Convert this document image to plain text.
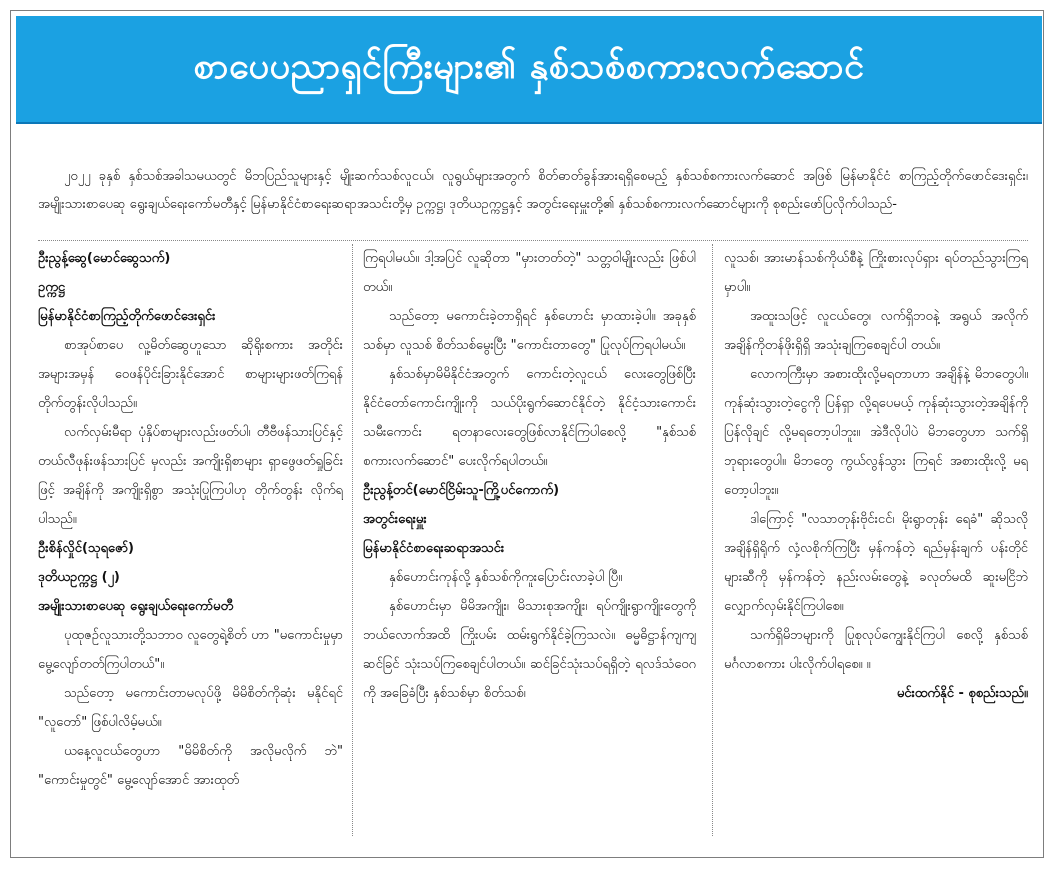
စာပေပညာရှင်ကြီးများ၏ နှစ်သစ်စကားလက်ဆောင်

၂၀၂၂ ခုနှစ် နှစ်သစ်အခါသမယတွင် မိဘပြည်သူများနှင့် မျိုးဆက်သစ်လူငယ်၊ လူရွယ်များအတွက် စိတ်ဓာတ်ခွန်အားရရှိစေမည့် နှစ်သစ်စကားလက်ဆောင် အဖြစ် မြန်မာနိုင်ငံ စာကြည့်တိုက်ဖောင်ဒေးရှင်း၊ အမျိုးသားစာပေဆု ရွေးချယ်ရေးကော်မတီနှင့် မြန်မာနိုင်ငံစာရေးဆရာအသင်းတို့မှ ဥက္ကဋ္ဌ၊ ဒုတိယဥက္ကဋ္ဌနှင့် အတွင်းရေးမှူးတို့၏ နှစ်သစ်စကားလက်ဆောင်များကို စုစည်းဖော်ပြလိုက်ပါသည်-

ဦးညွန့်ဆွေ(မောင်ဆွေသက်)
ဥက္ကဋ္ဌ
မြန်မာနိုင်ငံစာကြည့်တိုက်ဖောင်ဒေးရှင်း

စာအုပ်စာပေ လူ့မိတ်ဆွေဟူသော ဆိုရိုးစကား အတိုင်း အများအမှန် ဝေဖန်ပိုင်းခြားနိုင်အောင် စာများများဖတ်ကြရန် တိုက်တွန်းလိုပါသည်။

လက်လှမ်းမီရာ ပုံနှိပ်စာများလည်းဖတ်ပါ၊ တီဗီဖန်သားပြင်နှင့် တယ်လီဖုန်းဖန်သားပြင် မှလည်း အကျိုးရှိစာများ ရှာဖွေဖတ်ရှုခြင်းဖြင့် အချိန်ကို အကျိုးရှိစွာ အသုံးပြုကြပါဟု တိုက်တွန်း လိုက်ရပါသည်။

ဦးစိန်လှိုင်(သုရဇော်)
ဒုတိယဥက္ကဋ္ဌ (၂)
အမျိုးသားစာပေဆု ရွေးချယ်ရေးကော်မတီ

ပုထုဇဉ်လူသားတို့သဘာဝ လူတွေရဲ့စိတ် ဟာ "မကောင်းမှုမှာ မွေ့လျော်တတ်ကြပါတယ်"။

သည်တော့ မကောင်းတာမလုပ်ဖို့ မိမိစိတ်ကိုဆုံး မနိုင်ရင် "လူတော်" ဖြစ်ပါလိမ့်မယ်။

ယနေ့လူငယ်တွေဟာ "မိမိစိတ်ကို အလိုမလိုက် ဘဲ" "ကောင်းမှုတွင်" မွေ့လျော်အောင် အားထုတ်

ကြရပါမယ်။ ဒါ့အပြင် လူဆိုတာ "မှားတတ်တဲ့" သတ္တဝါမျိုးလည်း ဖြစ်ပါတယ်။

သည်တော့ မကောင်းခဲ့တာရှိရင် နှစ်ဟောင်း မှာထားခဲ့ပါ။ အခုနှစ်သစ်မှာ လူသစ် စိတ်သစ်မွေးပြီး "ကောင်းတာတွေ" ပြုလုပ်ကြရပါမယ်။

နှစ်သစ်မှာမိမိနိုင်ငံအတွက် ကောင်းတဲ့လူငယ် လေးတွေဖြစ်ပြီး နိုင်ငံတော်ကောင်းကျိုးကို သယ်ပိုးရွက်ဆောင်နိုင်တဲ့ နိုင်ငံ့သားကောင်း သမီးကောင်း ရတနာလေးတွေဖြစ်လာနိုင်ကြပါစေလို့ "နှစ်သစ်စကားလက်ဆောင်" ပေးလိုက်ရပါတယ်။

ဦးညွန့်တင်(မောင်ငြိမ်းသူ-ကြို့ပင်ကောက်)
အတွင်းရေးမှူး
မြန်မာနိုင်ငံစာရေးဆရာအသင်း

နှစ်ဟောင်းကုန်လို့ နှစ်သစ်ကိုကူးပြောင်းလာခဲ့ပါ ပြီ။

နှစ်ဟောင်းမှာ မိမိအကျိုး၊ မိသားစုအကျိုး၊ ရပ်ကျိုးရွာကျိုးတွေကို ဘယ်လောက်အထိ ကြိုးပမ်း ထမ်းရွက်နိုင်ခဲ့ကြသလဲ။ ဓမ္မဓိဋ္ဌာန်ကျကျ ဆင်ခြင် သုံးသပ်ကြစေချင်ပါတယ်။ ဆင်ခြင်သုံးသပ်ရရှိတဲ့ ရလဒ်သံဝေဂကို အခြေခံပြီး နှစ်သစ်မှာ စိတ်သစ်၊

လူသစ်၊ အားမာန်သစ်ကိုယ်စီနဲ့ ကြိုးစားလုပ်ရှား ရပ်တည်သွားကြရမှာပါ။

အထူးသဖြင့် လူငယ်တွေ၊ လက်ရှိဘဝနဲ့ အရွယ် အလိုက် အချိန်ကိုတန်ဖိုးရှိရှိ အသုံးချကြစေချင်ပါ တယ်။

လောကကြီးမှာ အစားထိုးလို့မရတာဟာ အချိန်နဲ့ မိဘတွေပါ။ ကုန်ဆုံးသွားတဲ့ငွေကို ပြန်ရှာ လို့ရပေမယ့် ကုန်ဆုံးသွားတဲ့အချိန်ကို ပြန်လိုချင် လို့မရတော့ပါဘူး။ အဲဒီလိုပါပဲ မိဘတွေဟာ သက်ရှိဘုရားတွေပါ။ မိဘတွေ ကွယ်လွန်သွား ကြရင် အစားထိုးလို့ မရတော့ပါဘူး။

ဒါကြောင့် "လသာတုန်းဗိုင်းငင်၊ မိုးရွာတုန်း ရေခံ" ဆိုသလို အချိန်ရှိရိုက် လှံ့လစိုက်ကြပြီး မှန်ကန်တဲ့ ရည်မှန်းချက် ပန်းတိုင်များဆီကို မှန်ကန်တဲ့ နည်းလမ်းတွေနဲ့ ခလုတ်မထိ ဆူးမငြိဘဲ လျှောက်လှမ်းနိုင်ကြပါစေ။

သက်ရှိမိဘများကို ပြုစုလုပ်ကျွေးနိုင်ကြပါ စေလို့ နှစ်သစ်မင်္ဂလာစကား ပါးလိုက်ပါရစေ။ ။

မင်းထက်နိုင် - စုစည်းသည်။
